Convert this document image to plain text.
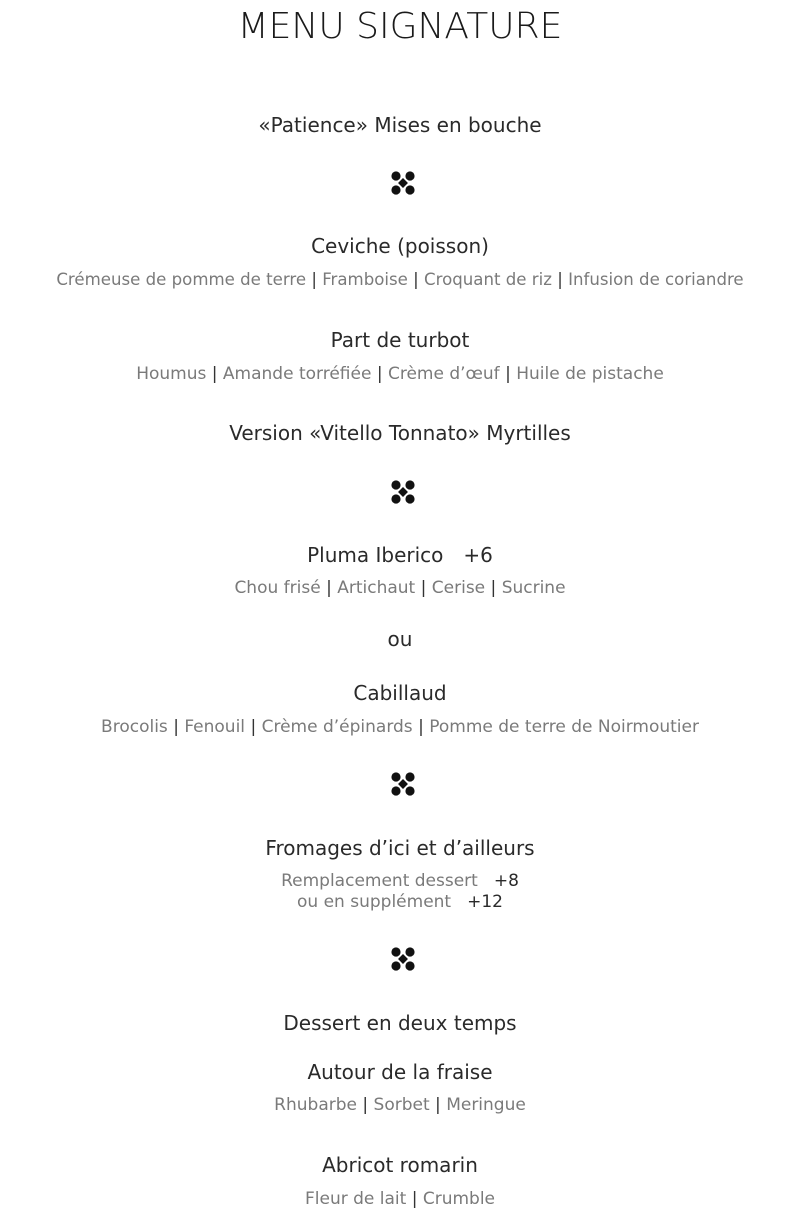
MENU SIGNATURE
«Patience» Mises en bouche
Ceviche (poisson)
Crémeuse de pomme de terre | Framboise | Croquant de riz | Infusion de coriandre
Part de turbot
Houmus | Amande torréfiée | Crème d’œuf | Huile de pistache
Version «Vitello Tonnato» Myrtilles
Pluma Iberico +6
Chou frisé | Artichaut | Cerise | Sucrine
ou
Cabillaud
Brocolis | Fenouil | Crème d’épinards | Pomme de terre de Noirmoutier
Fromages d’ici et d’ailleurs
Remplacement dessert +8
ou en supplément +12
Dessert en deux temps
Autour de la fraise
Rhubarbe | Sorbet | Meringue
Abricot romarin
Fleur de lait | Crumble
